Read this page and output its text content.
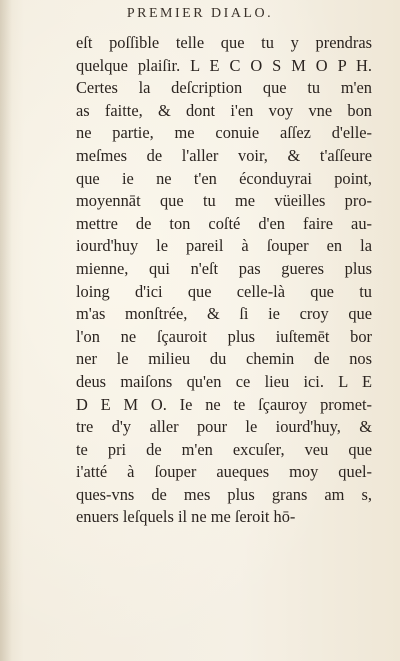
PREMIER DIALO.
eſt poſſible telle que tu y prendras
quelque plaiſir. L E C O S M O P H.
Certes la deſcription que tu m'en
as faitte, & dont i'en voy vne bon
ne partie, me conuie aſſez d'elle-
meſmes de l'aller voir, & t'aſſeure
que ie ne t'en éconduyrai point,
moyennāt que tu me vüeilles pro-
mettre de ton coſté d'en faire au-
iourd'huy le pareil à ſouper en la
mienne, qui n'eſt pas gueres plus
loing d'ici que celle-là que tu
m'as monſtrée, & ſi ie croy que
l'on ne ſçauroit plus iuſtemēt bor
ner le milieu du chemin de nos
deus maiſons qu'en ce lieu ici. L E
D E M O. Ie ne te ſçauroy promet-
tre d'y aller pour le iourd'huy, &
te pri de m'en excuſer, veu que
i'atté à ſouper aueques moy quel-
ques-vns de mes plus grans am s,
enuers leſquels il ne me ſeroit hō-
